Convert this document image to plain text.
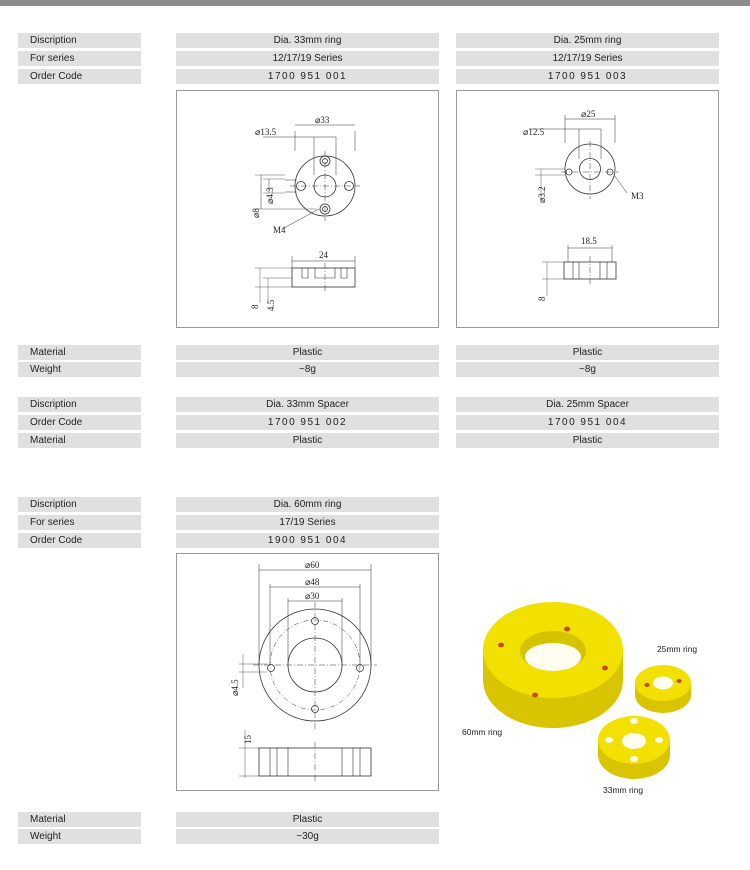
Discription	Dia. 33mm ring	Dia. 25mm ring
For series	12/17/19 Series	12/17/19 Series
Order Code	1700 951 001	1700 951 003
⌀33
⌀13.5
⌀8
⌀4.3
M4
24
8 4.5
⌀25
⌀12.5
⌀3.2	M3
18.5
8
Material	Plastic	Plastic
Weight	~8g	~8g
Discription	Dia. 33mm Spacer	Dia. 25mm Spacer
Order Code	1700 951 002	1700 951 004
Material	Plastic	Plastic
Discription	Dia. 60mm ring
For series	17/19 Series
Order Code	1900 951 004
⌀60
⌀48
⌀30
⌀4.5
15
60mm ring
25mm ring
33mm ring
Material	Plastic
Weight	~30g
